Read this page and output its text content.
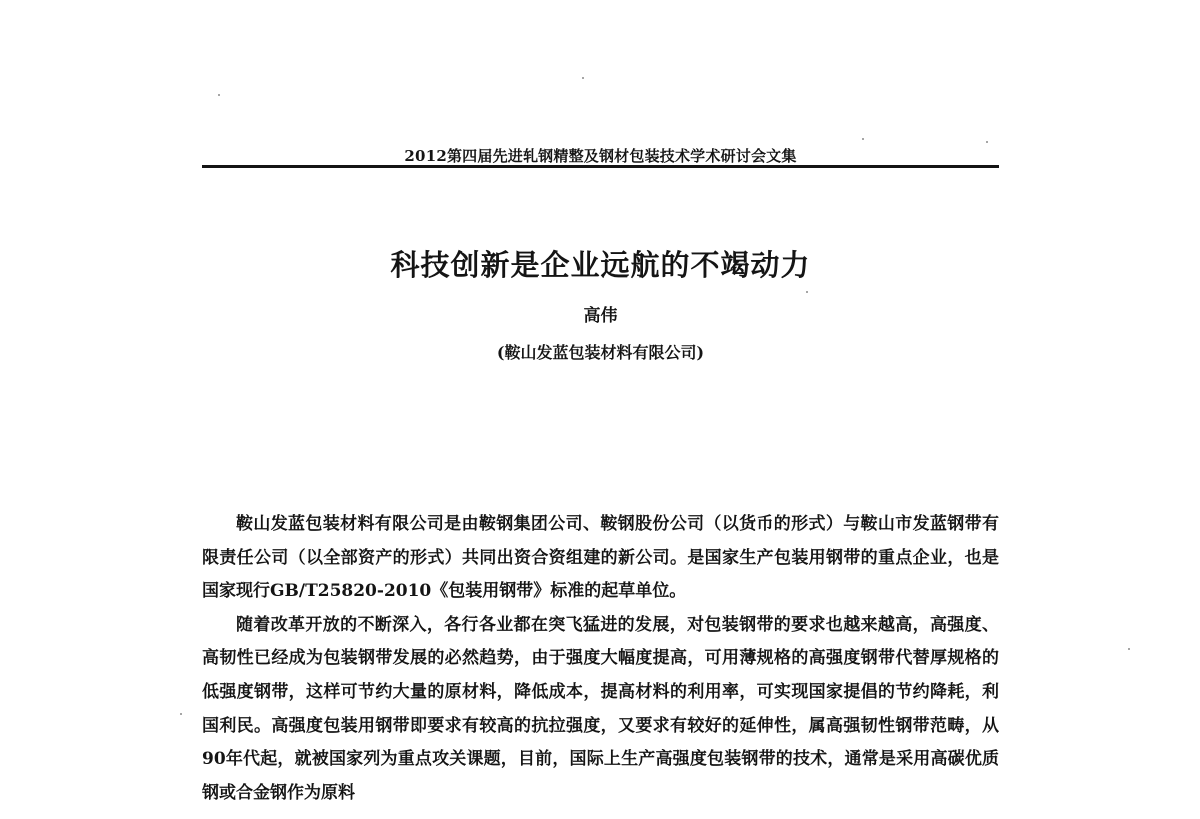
2012第四届先进轧钢精整及钢材包装技术学术研讨会文集
科技创新是企业远航的不竭动力
高伟
(鞍山发蓝包装材料有限公司)

鞍山发蓝包装材料有限公司是由鞍钢集团公司、鞍钢股份公司（以货币的形式）与鞍山市发蓝钢带有限责任公司（以全部资产的形式）共同出资合资组建的新公司。是国家生产包装用钢带的重点企业，也是国家现行GB/T25820-2010《包装用钢带》标准的起草单位。

随着改革开放的不断深入，各行各业都在突飞猛进的发展，对包装钢带的要求也越来越高，高强度、高韧性已经成为包装钢带发展的必然趋势，由于强度大幅度提高，可用薄规格的高强度钢带代替厚规格的低强度钢带，这样可节约大量的原材料，降低成本，提高材料的利用率，可实现国家提倡的节约降耗，利国利民。高强度包装用钢带即要求有较高的抗拉强度，又要求有较好的延伸性，属高强韧性钢带范畴，从90年代起，就被国家列为重点攻关课题，目前，国际上生产高强度包装钢带的技术，通常是采用高碳优质钢或合金钢作为原料
